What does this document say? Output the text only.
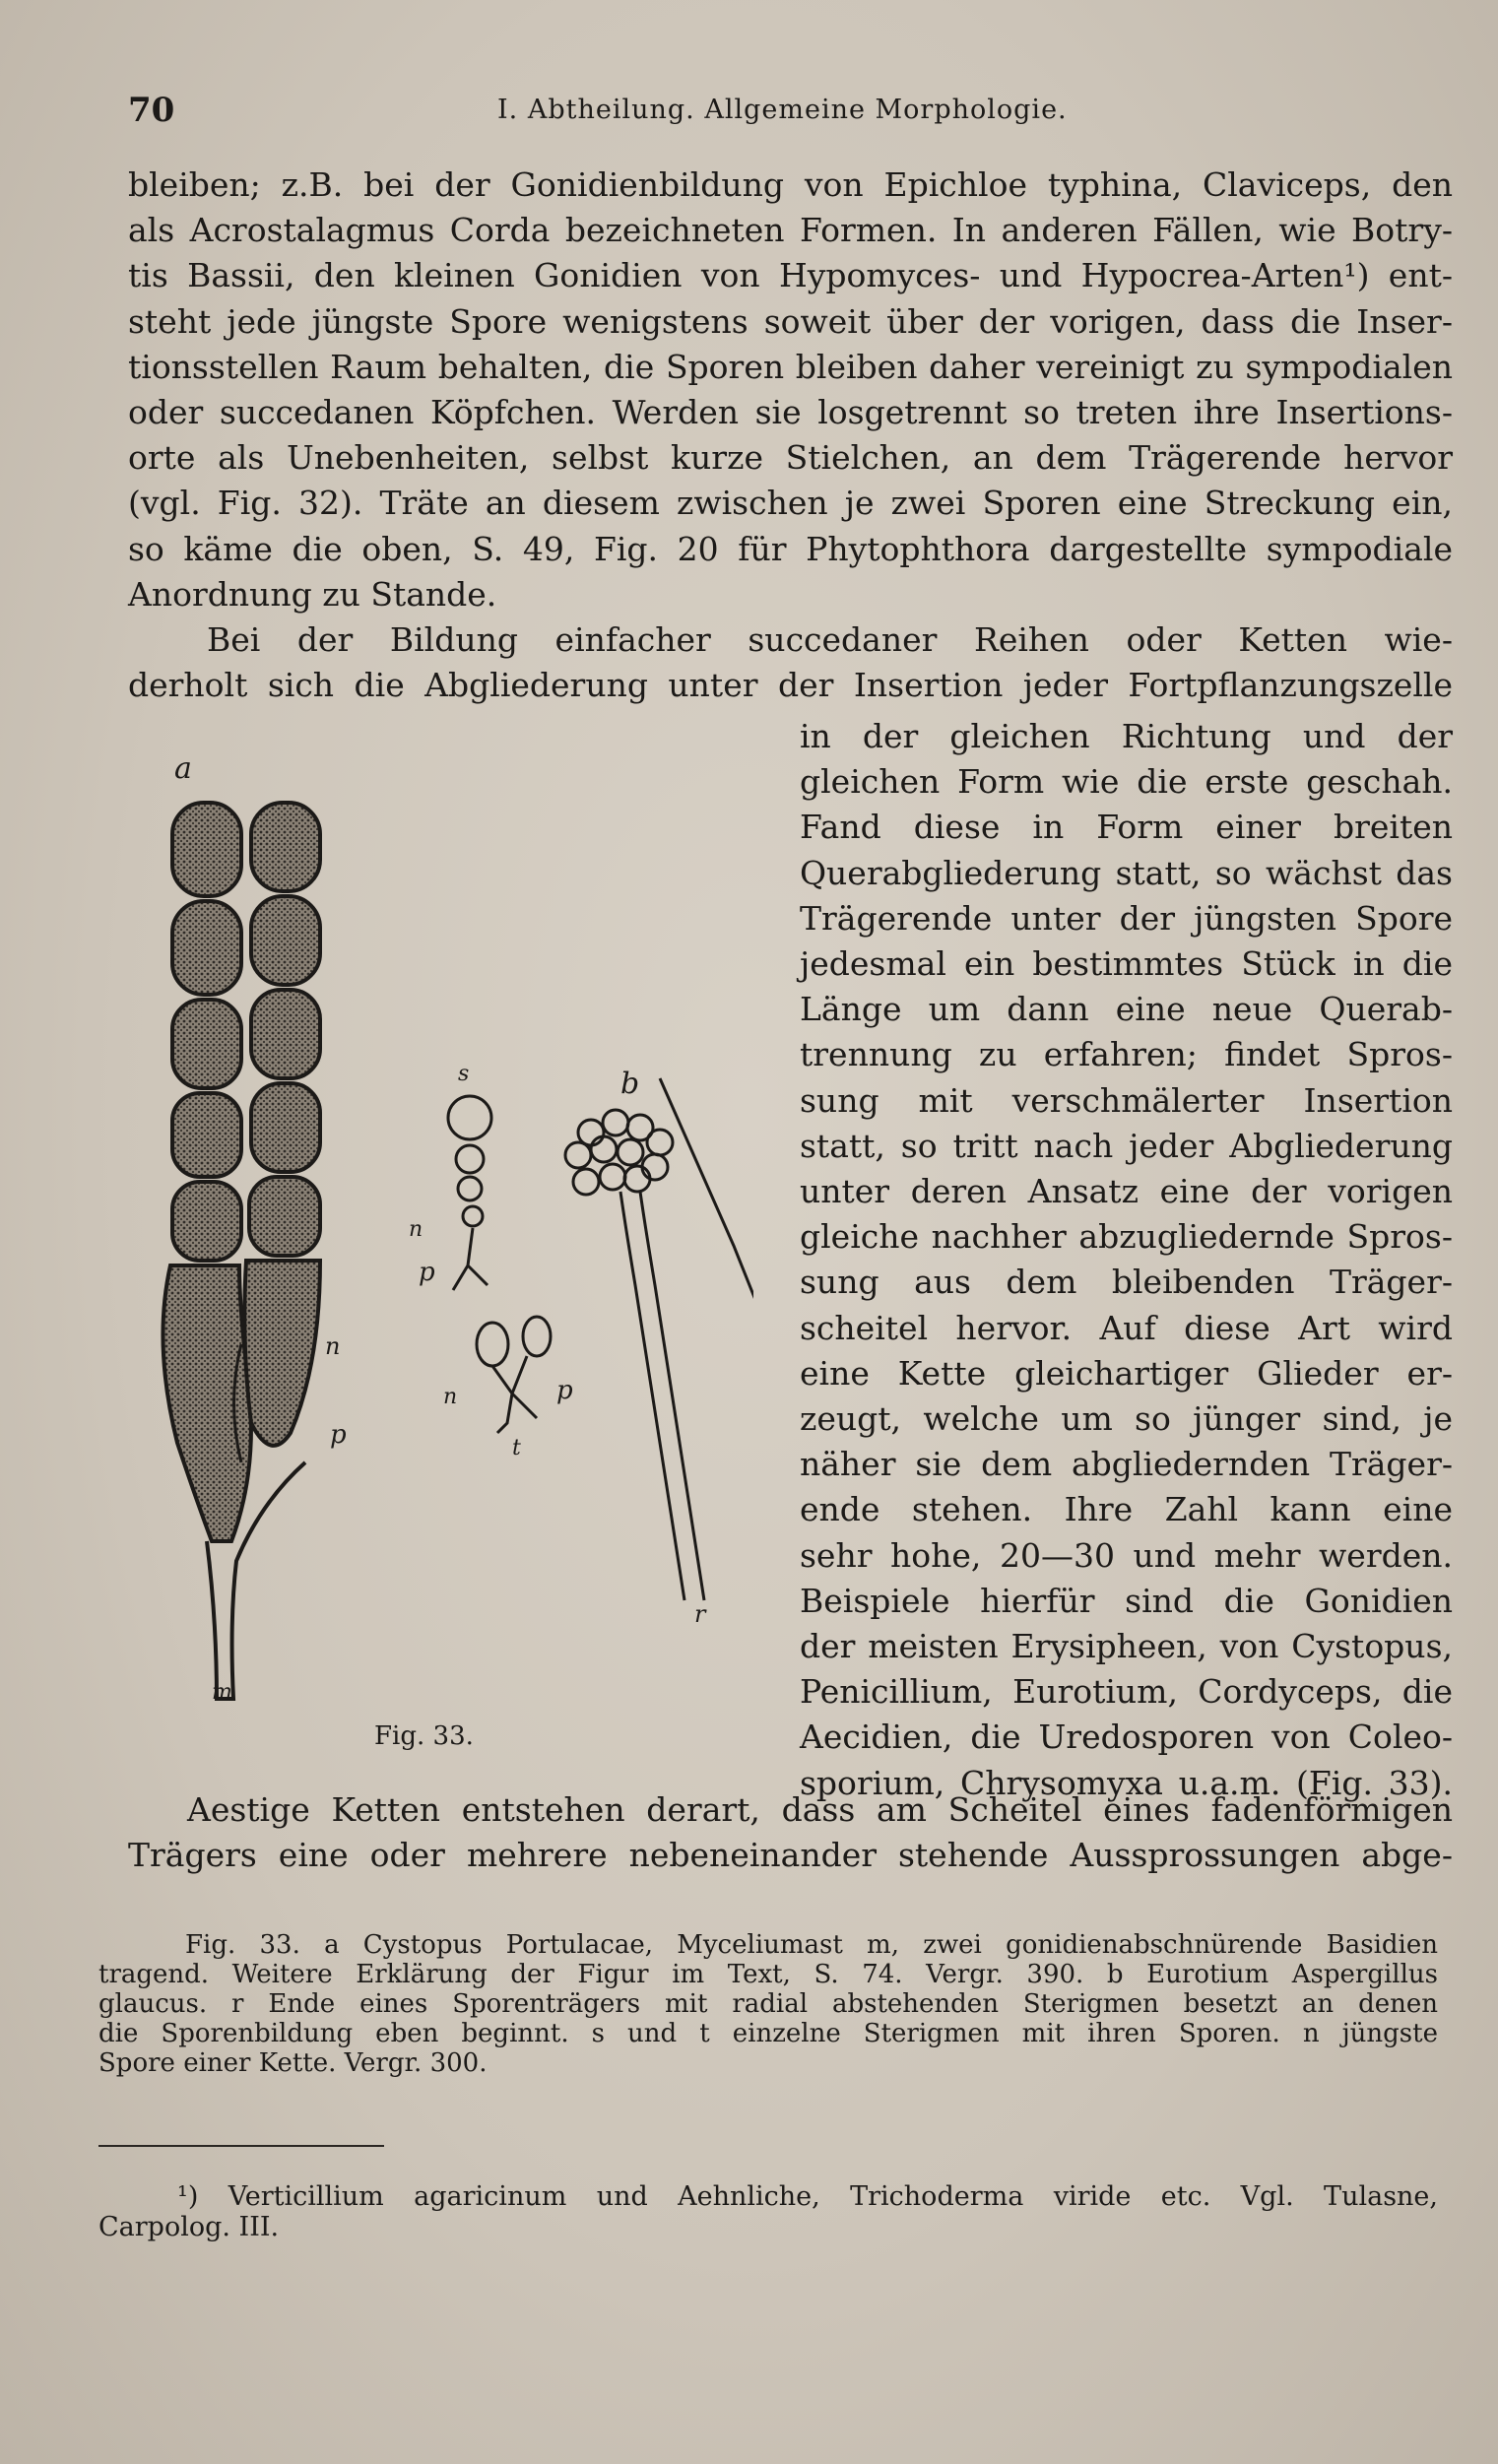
70	I. Abtheilung. Allgemeine Morphologie.
bleiben; z.B. bei der Gonidienbildung von Epichloe typhina, Claviceps, den
als Acrostalagmus Corda bezeichneten Formen. In anderen Fällen, wie Botry-
tis Bassii, den kleinen Gonidien von Hypomyces- und Hypocrea-Arten¹) ent-
steht jede jüngste Spore wenigstens soweit über der vorigen, dass die Inser-
tionsstellen Raum behalten, die Sporen bleiben daher vereinigt zu sympodialen
oder succedanen Köpfchen. Werden sie losgetrennt so treten ihre Insertions-
orte als Unebenheiten, selbst kurze Stielchen, an dem Trägerende hervor
(vgl. Fig. 32). Träte an diesem zwischen je zwei Sporen eine Streckung ein,
so käme die oben, S. 49, Fig. 20 für Phytophthora dargestellte sympodiale
Anordnung zu Stande.
Bei der Bildung einfacher succedaner Reihen oder Ketten wie-
derholt sich die Abgliederung unter der Insertion jeder Fortpflanzungszelle
a
m
n
p
s
n
p
n	p
t
b
r
Fig. 33.
in der gleichen Richtung und der
gleichen Form wie die erste geschah.
Fand diese in Form einer breiten
Querabgliederung statt, so wächst das
Trägerende unter der jüngsten Spore
jedesmal ein bestimmtes Stück in die
Länge um dann eine neue Querab-
trennung zu erfahren; findet Spros-
sung mit verschmälerter Insertion
statt, so tritt nach jeder Abgliederung
unter deren Ansatz eine der vorigen
gleiche nachher abzugliedernde Spros-
sung aus dem bleibenden Träger-
scheitel hervor. Auf diese Art wird
eine Kette gleichartiger Glieder er-
zeugt, welche um so jünger sind, je
näher sie dem abgliedernden Träger-
ende stehen. Ihre Zahl kann eine
sehr hohe, 20—30 und mehr werden.
Beispiele hierfür sind die Gonidien
der meisten Erysipheen, von Cystopus,
Penicillium, Eurotium, Cordyceps, die
Aecidien, die Uredosporen von Coleo-
sporium, Chrysomyxa u.a.m. (Fig. 33).
Aestige Ketten entstehen derart, dass am Scheitel eines fadenförmigen
Trägers eine oder mehrere nebeneinander stehende Aussprossungen abge-
Fig. 33. a Cystopus Portulacae, Myceliumast m, zwei gonidienabschnürende Basidien
tragend. Weitere Erklärung der Figur im Text, S. 74. Vergr. 390. b Eurotium Aspergillus
glaucus. r Ende eines Sporenträgers mit radial abstehenden Sterigmen besetzt an denen
die Sporenbildung eben beginnt. s und t einzelne Sterigmen mit ihren Sporen. n jüngste
Spore einer Kette. Vergr. 300.
¹) Verticillium agaricinum und Aehnliche, Trichoderma viride etc. Vgl. Tulasne,
Carpolog. III.
